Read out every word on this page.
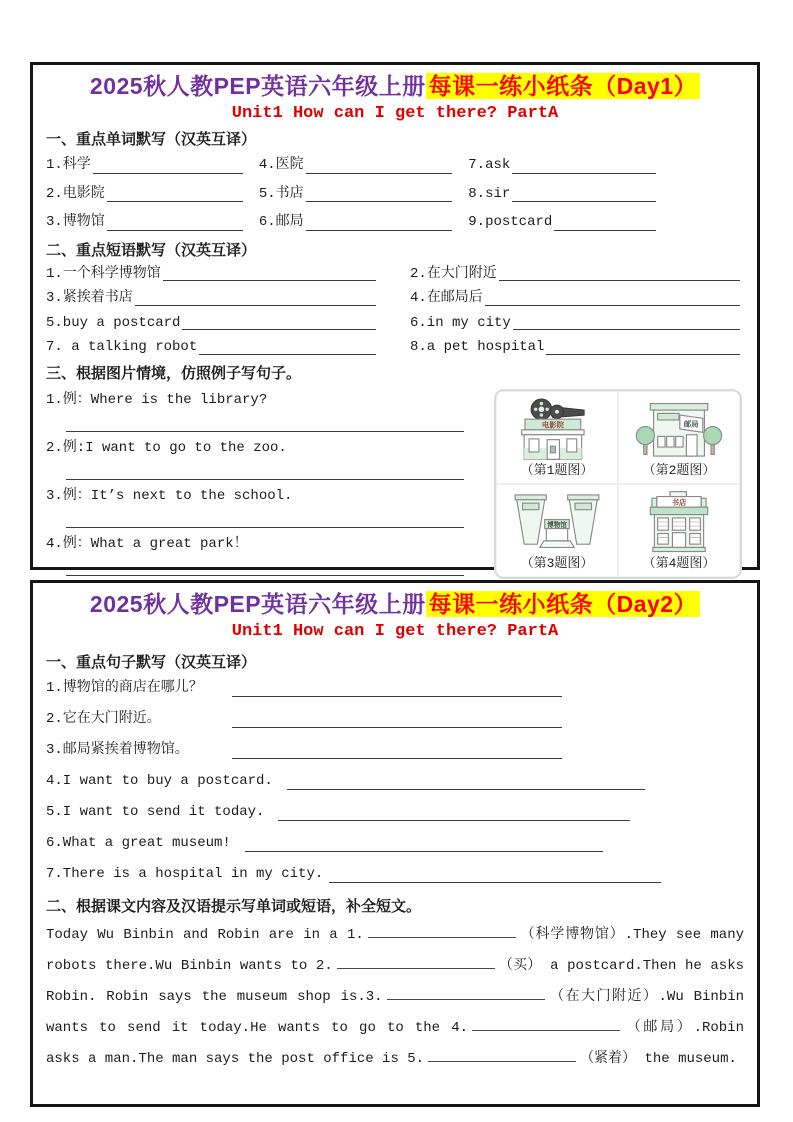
2025秋人教PEP英语六年级上册 每课一练小纸条（Day1）
Unit1 How can I get there? PartA
一、重点单词默写（汉英互译）
1.科学	4.医院	7.ask
2.电影院	5.书店	8.sir
3.博物馆	6.邮局	9.postcard
二、重点短语默写（汉英互译）
1.一个科学博物馆	2.在大门附近
3.紧挨着书店	4.在邮局后
5.buy a postcard	6.in my city
7. a talking robot	8.a pet hospital
三、根据图片情境，仿照例子写句子。
1.例：Where is the library?
2.例:I want to go to the zoo.
3.例：It’s next to the school.
4.例：What a great park！
电影院
（第1题图）
邮局
（第2题图）
博物馆
（第3题图）
书店
（第4题图）
2025秋人教PEP英语六年级上册 每课一练小纸条（Day2）
Unit1 How can I get there? PartA
一、重点句子默写（汉英互译）
1.博物馆的商店在哪儿？
2.它在大门附近。
3.邮局紧挨着博物馆。
4.I want to buy a postcard.
5.I want to send it today.
6.What a great museum!
7.There is a hospital in my city.
二、根据课文内容及汉语提示写单词或短语，补全短文。
Today Wu Binbin and Robin are in a 1.	（科学博物馆）.They see many robots there.Wu Binbin wants to 2.	（买） a postcard.Then he asks Robin. Robin says the museum shop is.3.	（在大门附近）.Wu Binbin wants to send it today.He wants to go to the 4.	（邮局）.Robin asks a man.The man says the post office is 5.	（紧着） the museum.
